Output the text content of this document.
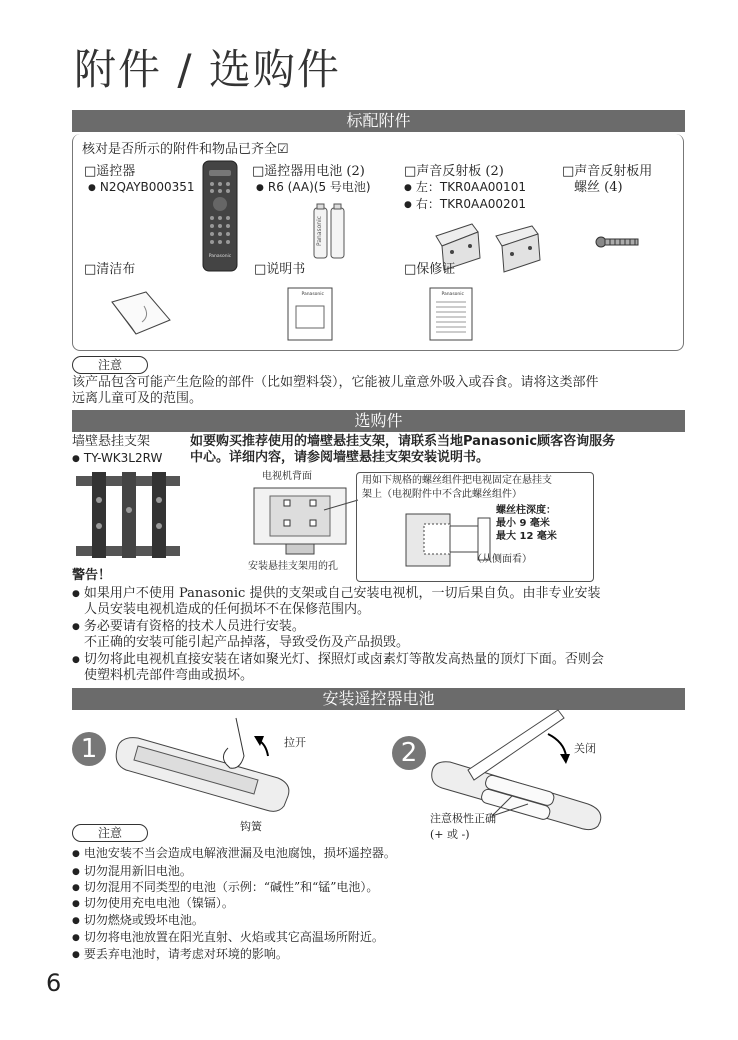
附件 / 选购件
标配附件
核对是否所示的附件和物品已齐全☑
□遥控器
● N2QAYB000351
Panasonic
□遥控器用电池 (2)
● R6 (AA)(5 号电池)
Panasonic
□声音反射板 (2)
● 左：TKR0AA00101
● 右：TKR0AA00201
□声音反射板用
螺丝 (4)
□清洁布	□说明书
Panasonic
□保修证
Panasonic
注意
该产品包含可能产生危险的部件（比如塑料袋），它能被儿童意外吸入或吞食。请将这类部件
远离儿童可及的范围。
选购件
墙壁悬挂支架
● TY-WK3L2RW
如要购买推荐使用的墙壁悬挂支架，请联系当地Panasonic顾客咨询服务
中心。详细内容，请参阅墙壁悬挂支架安装说明书。
电视机背面
安装悬挂支架用的孔
用如下规格的螺丝组件把电视固定在悬挂支
架上（电视附件中不含此螺丝组件）
螺丝柱深度：
最小 9 毫米
最大 12 毫米
（从侧面看）
警告！
● 如果用户不使用 Panasonic 提供的支架或自己安装电视机，一切后果自负。由非专业安装
人员安装电视机造成的任何损坏不在保修范围内。
● 务必要请有资格的技术人员进行安装。
不正确的安装可能引起产品掉落，导致受伤及产品损毁。
● 切勿将此电视机直接安装在诸如聚光灯、探照灯或卤素灯等散发高热量的顶灯下面。否则会
使塑料机壳部件弯曲或损坏。
安装遥控器电池
1	拉开
钩簧
2	关闭
注意极性正确
(+ 或 -)
注意
● 电池安装不当会造成电解液泄漏及电池腐蚀，损坏遥控器。
● 切勿混用新旧电池。
● 切勿混用不同类型的电池（示例：“碱性”和“锰”电池）。
● 切勿使用充电电池（镍镉）。
● 切勿燃烧或毁坏电池。
● 切勿将电池放置在阳光直射、火焰或其它高温场所附近。
● 要丢弃电池时，请考虑对环境的影响。
6
